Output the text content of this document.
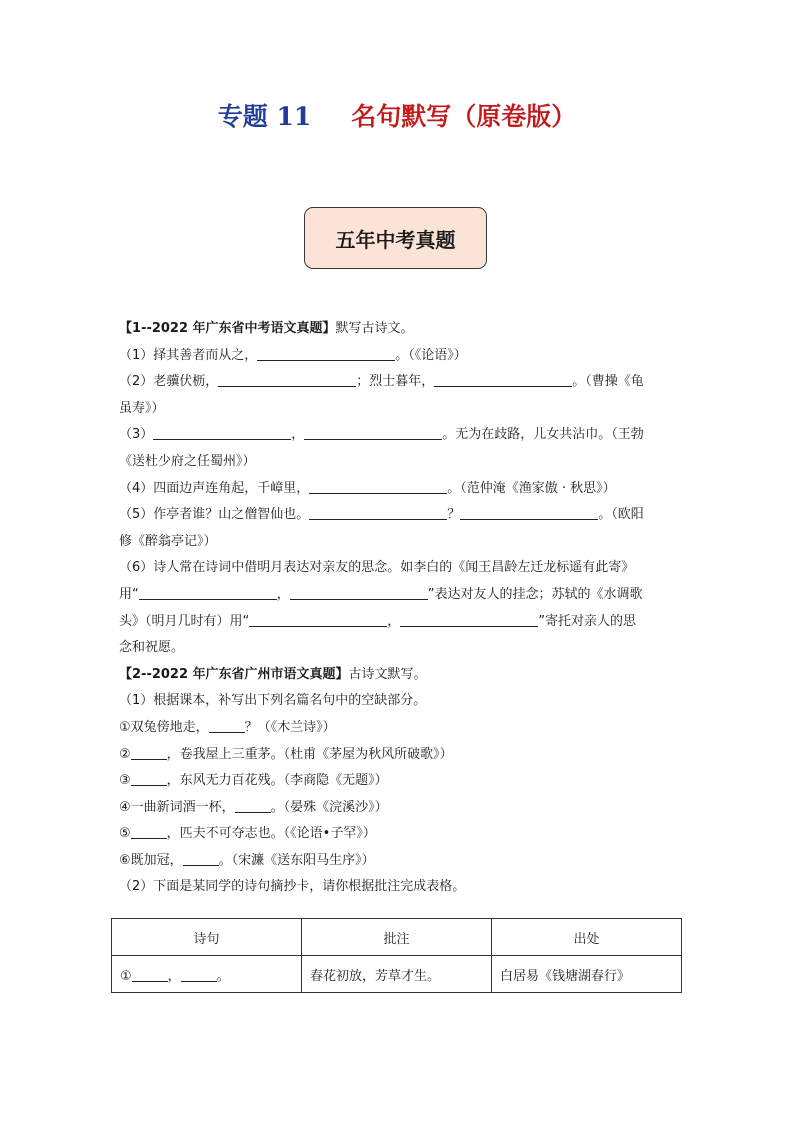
专题 11 名句默写（原卷版）
五年中考真题
【1--2022 年广东省中考语文真题】默写古诗文。
（1）择其善者而从之，	。（《论语》）
（2）老骥伏枥，	；烈士暮年，	。（曹操《龟
虽寿》）
（3）	，	。无为在歧路，儿女共沾巾。（王勃
《送杜少府之任蜀州》）
（4）四面边声连角起，千嶂里，	。（范仲淹《渔家傲 · 秋思》）
（5）作亭者谁？山之僧智仙也。	？	。（欧阳
修《醉翁亭记》）
（6）诗人常在诗词中借明月表达对亲友的思念。如李白的《闻王昌龄左迁龙标遥有此寄》
用“	，	”表达对友人的挂念；苏轼的《水调歌
头》（明月几时有）用“	，	”寄托对亲人的思
念和祝愿。
【2--2022 年广东省广州市语文真题】古诗文默写。
（1）根据课本，补写出下列名篇名句中的空缺部分。
①双兔傍地走，	？（《木兰诗》）
②	，卷我屋上三重茅。（杜甫《茅屋为秋风所破歌》）
③	，东风无力百花残。（李商隐《无题》）
④一曲新词酒一杯，	。（晏殊《浣溪沙》）
⑤	，匹夫不可夺志也。（《论语•子罕》）
⑥既加冠，	。（宋濂《送东阳马生序》）
（2）下面是某同学的诗句摘抄卡，请你根据批注完成表格。
诗句	批注	出处
① ， 。	春花初放，芳草才生。	白居易《钱塘湖春行》
